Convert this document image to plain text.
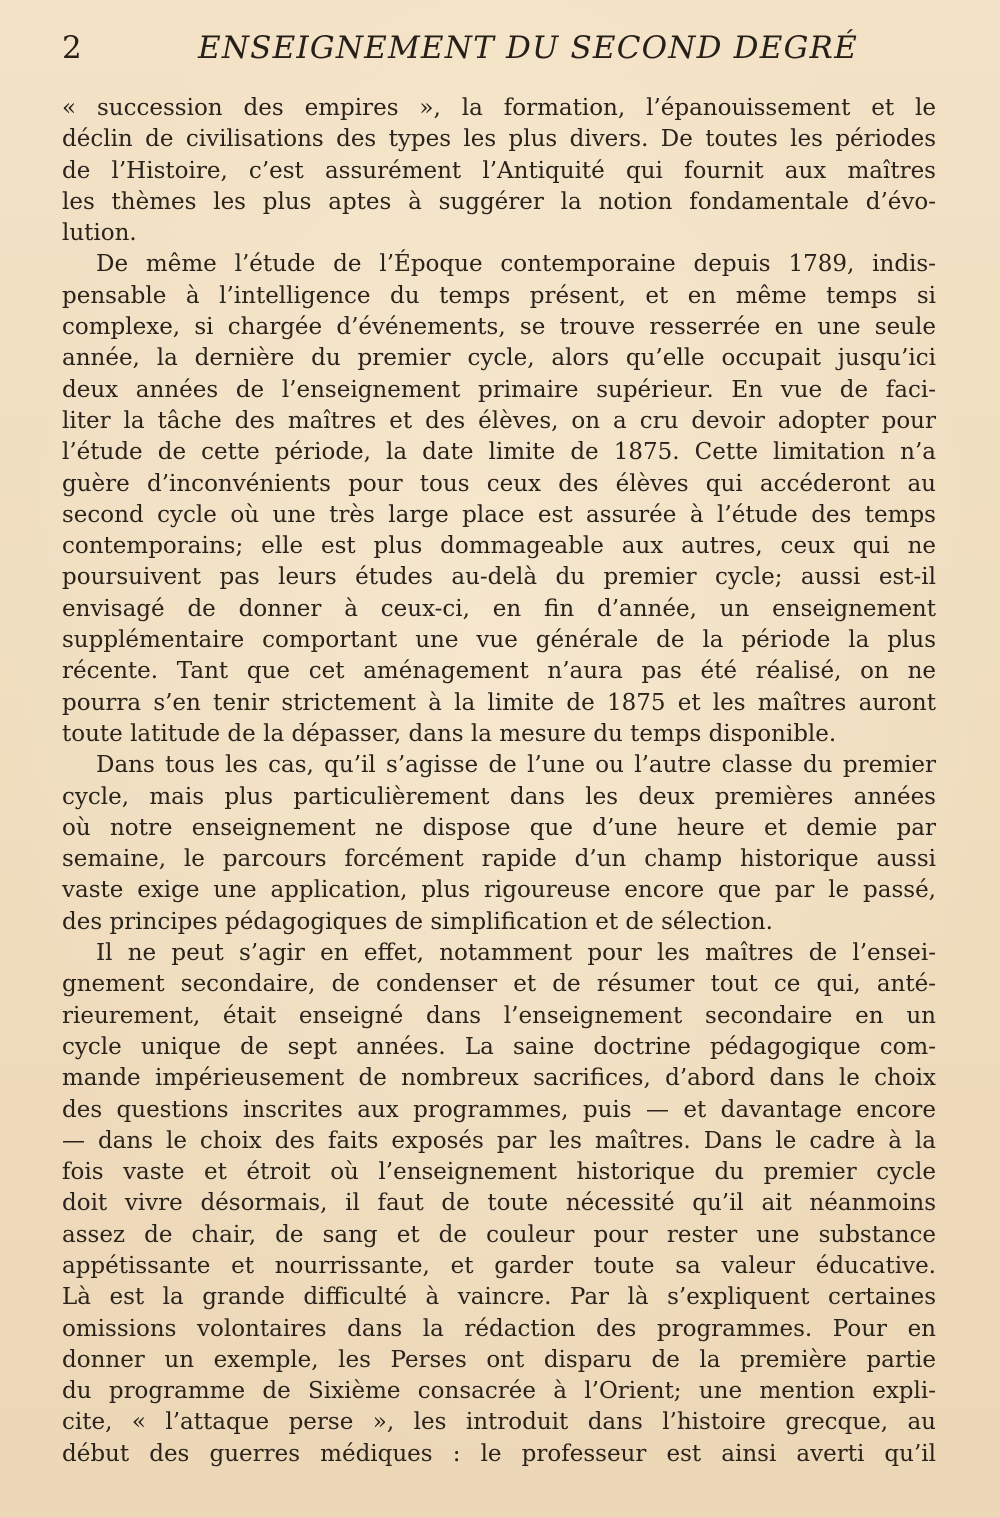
2	ENSEIGNEMENT DU SECOND DEGRÉ
« succession des empires », la formation, l’épanouissement et le
déclin de civilisations des types les plus divers. De toutes les périodes
de l’Histoire, c’est assurément l’Antiquité qui fournit aux maîtres
les thèmes les plus aptes à suggérer la notion fondamentale d’évo-
lution.
De même l’étude de l’Époque contemporaine depuis 1789, indis-
pensable à l’intelligence du temps présent, et en même temps si
complexe, si chargée d’événements, se trouve resserrée en une seule
année, la dernière du premier cycle, alors qu’elle occupait jusqu’ici
deux années de l’enseignement primaire supérieur. En vue de faci-
liter la tâche des maîtres et des élèves, on a cru devoir adopter pour
l’étude de cette période, la date limite de 1875. Cette limitation n’a
guère d’inconvénients pour tous ceux des élèves qui accéderont au
second cycle où une très large place est assurée à l’étude des temps
contemporains; elle est plus dommageable aux autres, ceux qui ne
poursuivent pas leurs études au-delà du premier cycle; aussi est-il
envisagé de donner à ceux-ci, en fin d’année, un enseignement
supplémentaire comportant une vue générale de la période la plus
récente. Tant que cet aménagement n’aura pas été réalisé, on ne
pourra s’en tenir strictement à la limite de 1875 et les maîtres auront
toute latitude de la dépasser, dans la mesure du temps disponible.
Dans tous les cas, qu’il s’agisse de l’une ou l’autre classe du premier
cycle, mais plus particulièrement dans les deux premières années
où notre enseignement ne dispose que d’une heure et demie par
semaine, le parcours forcément rapide d’un champ historique aussi
vaste exige une application, plus rigoureuse encore que par le passé,
des principes pédagogiques de simplification et de sélection.
Il ne peut s’agir en effet, notamment pour les maîtres de l’ensei-
gnement secondaire, de condenser et de résumer tout ce qui, anté-
rieurement, était enseigné dans l’enseignement secondaire en un
cycle unique de sept années. La saine doctrine pédagogique com-
mande impérieusement de nombreux sacrifices, d’abord dans le choix
des questions inscrites aux programmes, puis — et davantage encore
— dans le choix des faits exposés par les maîtres. Dans le cadre à la
fois vaste et étroit où l’enseignement historique du premier cycle
doit vivre désormais, il faut de toute nécessité qu’il ait néanmoins
assez de chair, de sang et de couleur pour rester une substance
appétissante et nourrissante, et garder toute sa valeur éducative.
Là est la grande difficulté à vaincre. Par là s’expliquent certaines
omissions volontaires dans la rédaction des programmes. Pour en
donner un exemple, les Perses ont disparu de la première partie
du programme de Sixième consacrée à l’Orient; une mention expli-
cite, « l’attaque perse », les introduit dans l’histoire grecque, au
début des guerres médiques : le professeur est ainsi averti qu’il
